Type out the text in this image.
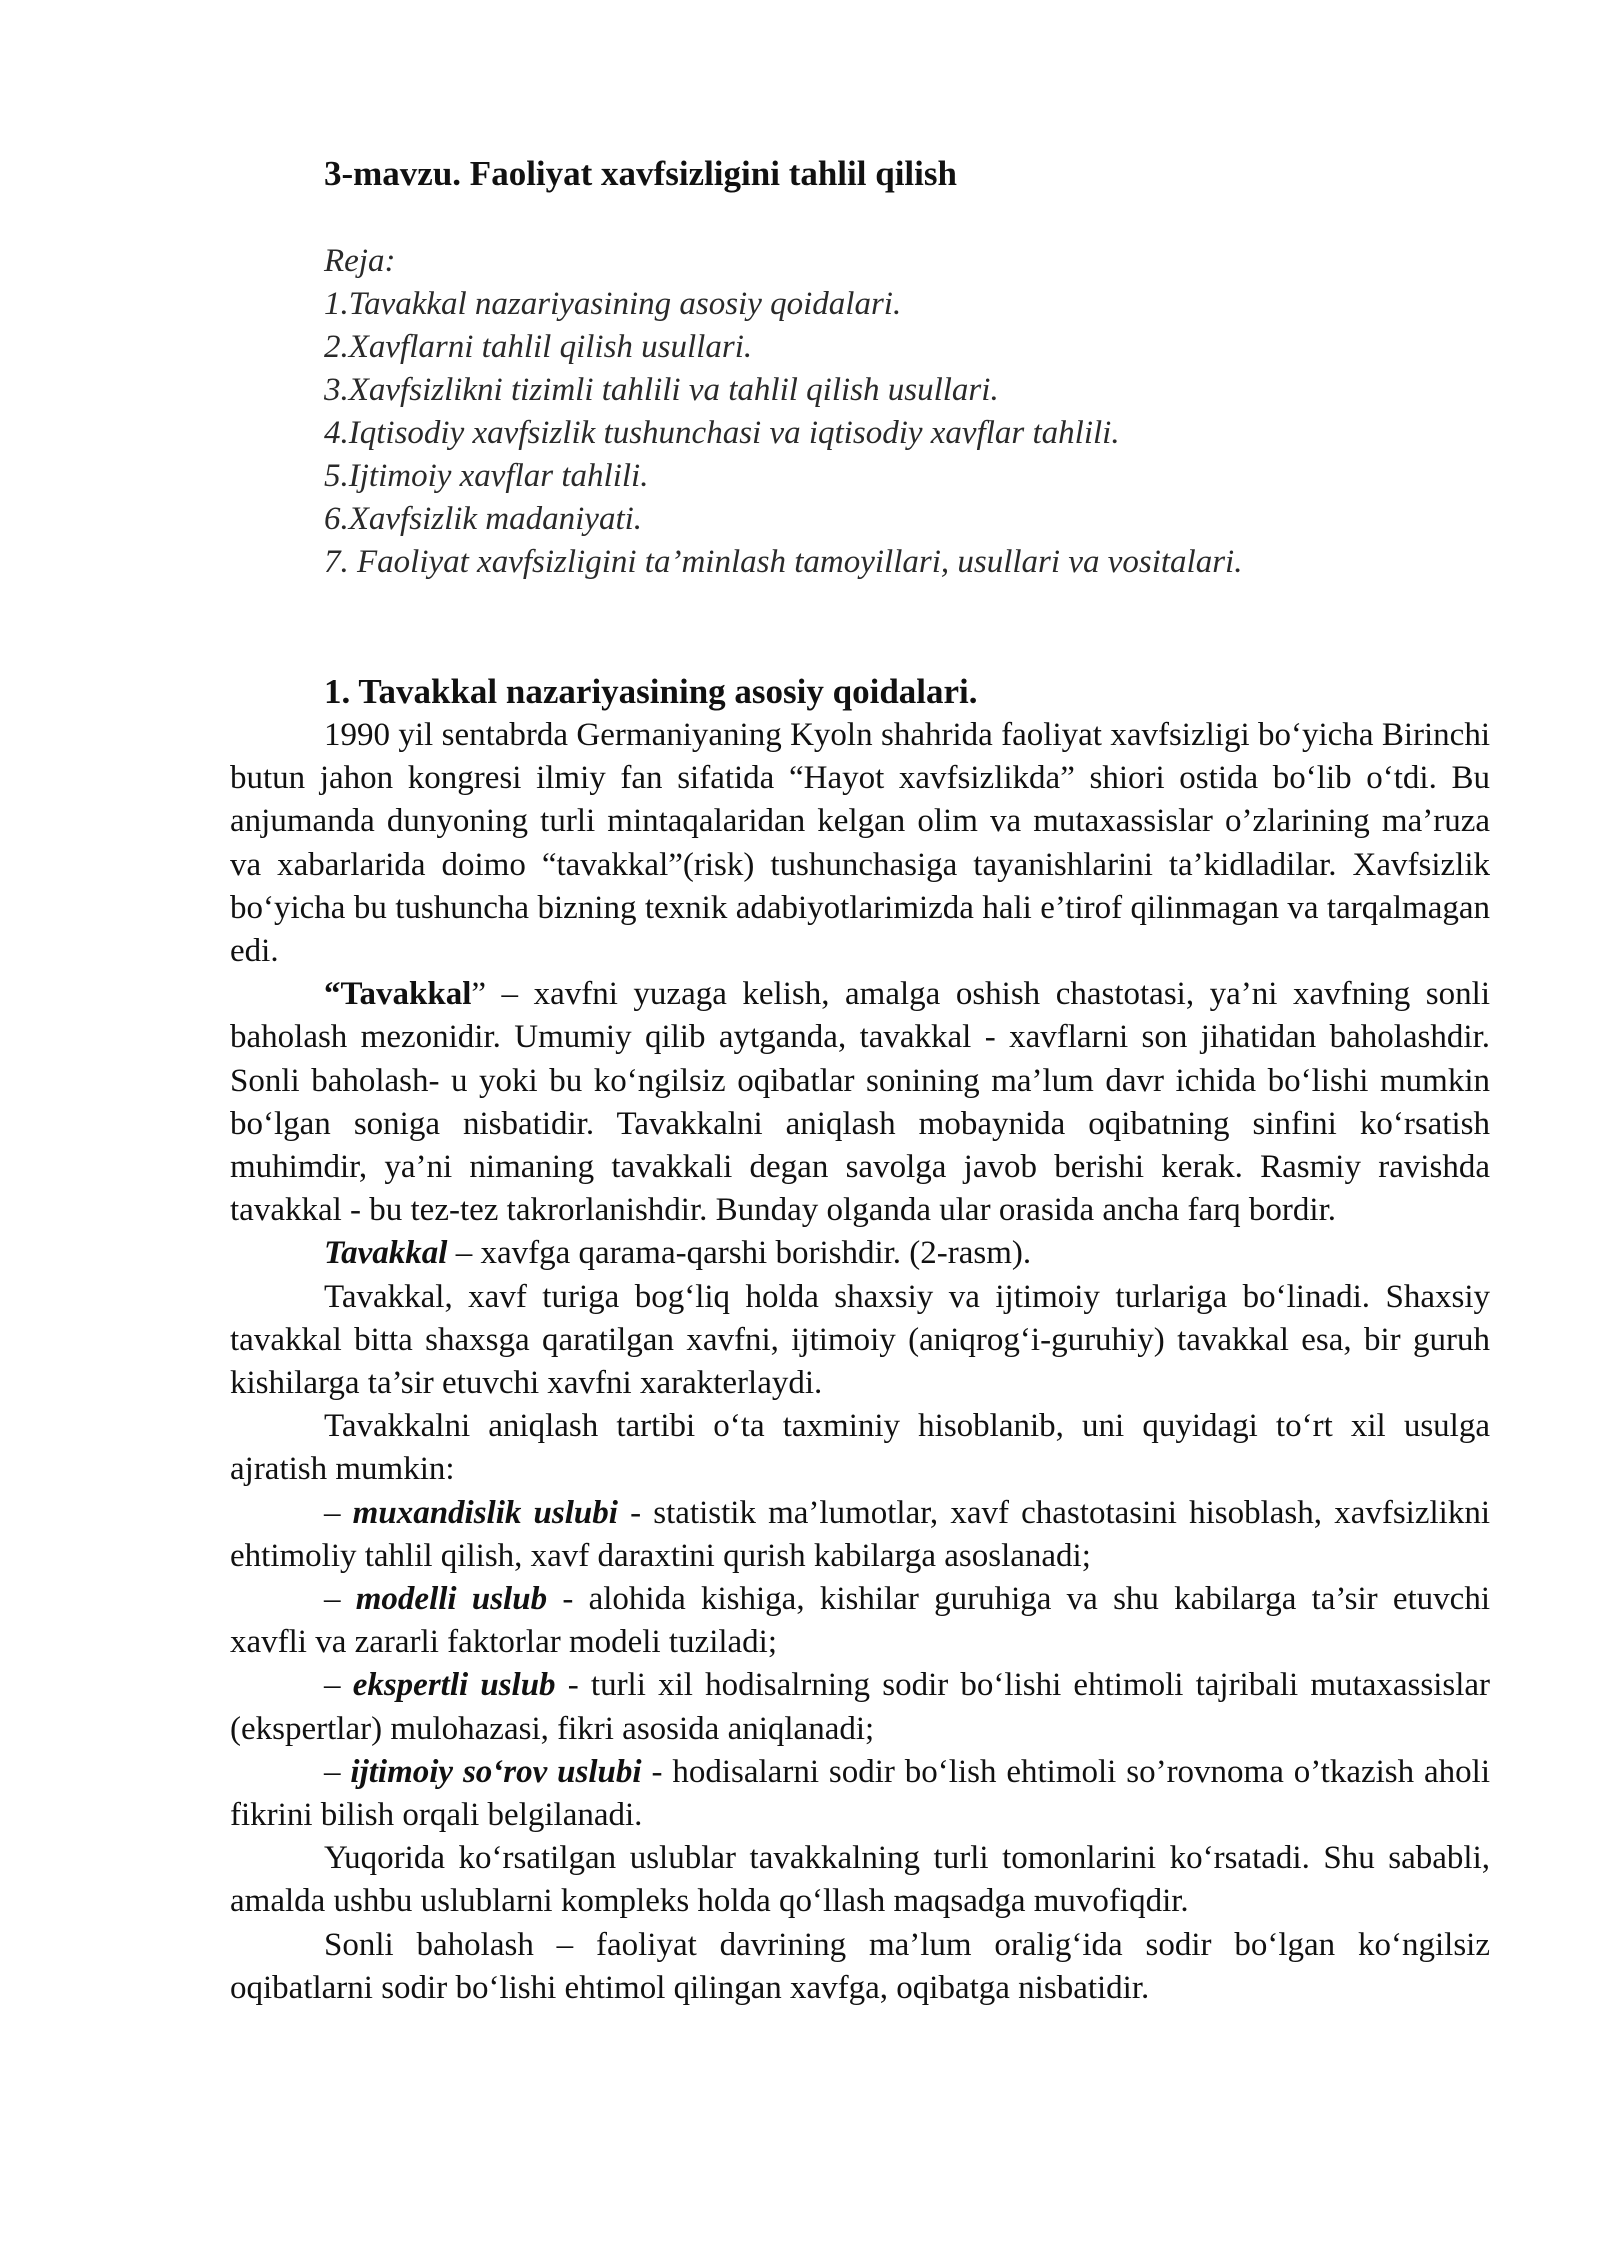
3-mavzu. Faoliyat xavfsizligini tahlil qilish
Reja:
1.Tavakkal nazariyasining asosiy qoidalari.
2.Xavflarni tahlil qilish usullari.
3.Xavfsizlikni tizimli tahlili va tahlil qilish usullari.
4.Iqtisodiy xavfsizlik tushunchasi va iqtisodiy xavflar tahlili.
5.Ijtimoiy xavflar tahlili.
6.Xavfsizlik madaniyati.
7. Faoliyat xavfsizligini ta’minlash tamoyillari, usullari va vositalari.
1. Tavakkal nazariyasining asosiy qoidalari.

1990 yil sentabrda Germaniyaning Kyoln shahrida faoliyat xavfsizligi bo‘yicha Birinchi butun jahon kongresi ilmiy fan sifatida “Hayot xavfsizlikda” shiori ostida bo‘lib o‘tdi. Bu anjumanda dunyoning turli mintaqalaridan kelgan olim va mutaxassislar o’zlarining ma’ruza va xabarlarida doimo “tavakkal”(risk) tushunchasiga tayanishlarini ta’kidladilar. Xavfsizlik bo‘yicha bu tushuncha bizning texnik adabiyotlarimizda hali e’tirof qilinmagan va tarqalmagan edi.

“Tavakkal” – xavfni yuzaga kelish, amalga oshish chastotasi, ya’ni xavfning sonli baholash mezonidir. Umumiy qilib aytganda, tavakkal - xavflarni son jihatidan baholashdir. Sonli baholash- u yoki bu ko‘ngilsiz oqibatlar sonining ma’lum davr ichida bo‘lishi mumkin bo‘lgan soniga nisbatidir. Tavakkalni aniqlash mobaynida oqibatning sinfini ko‘rsatish muhimdir, ya’ni nimaning tavakkali degan savolga javob berishi kerak. Rasmiy ravishda tavakkal - bu tez-tez takrorlanishdir. Bunday olganda ular orasida ancha farq bordir.

Tavakkal – xavfga qarama-qarshi borishdir. (2-rasm).

Tavakkal, xavf turiga bog‘liq holda shaxsiy va ijtimoiy turlariga bo‘linadi. Shaxsiy tavakkal bitta shaxsga qaratilgan xavfni, ijtimoiy (aniqrog‘i-guruhiy) tavakkal esa, bir guruh kishilarga ta’sir etuvchi xavfni xarakterlaydi.

Tavakkalni aniqlash tartibi o‘ta taxminiy hisoblanib, uni quyidagi to‘rt xil usulga ajratish mumkin:

– muxandislik uslubi - statistik ma’lumotlar, xavf chastotasini hisoblash, xavfsizlikni ehtimoliy tahlil qilish, xavf daraxtini qurish kabilarga asoslanadi;

– modelli uslub - alohida kishiga, kishilar guruhiga va shu kabilarga ta’sir etuvchi xavfli va zararli faktorlar modeli tuziladi;

– ekspertli uslub - turli xil hodisalrning sodir bo‘lishi ehtimoli tajribali mutaxassislar (ekspertlar) mulohazasi, fikri asosida aniqlanadi;

– ijtimoiy so‘rov uslubi - hodisalarni sodir bo‘lish ehtimoli so’rovnoma o’tkazish aholi fikrini bilish orqali belgilanadi.

Yuqorida ko‘rsatilgan uslublar tavakkalning turli tomonlarini ko‘rsatadi. Shu sababli, amalda ushbu uslublarni kompleks holda qo‘llash maqsadga muvofiqdir.

Sonli baholash – faoliyat davrining ma’lum oralig‘ida sodir bo‘lgan ko‘ngilsiz oqibatlarni sodir bo‘lishi ehtimol qilingan xavfga, oqibatga nisbatidir.
